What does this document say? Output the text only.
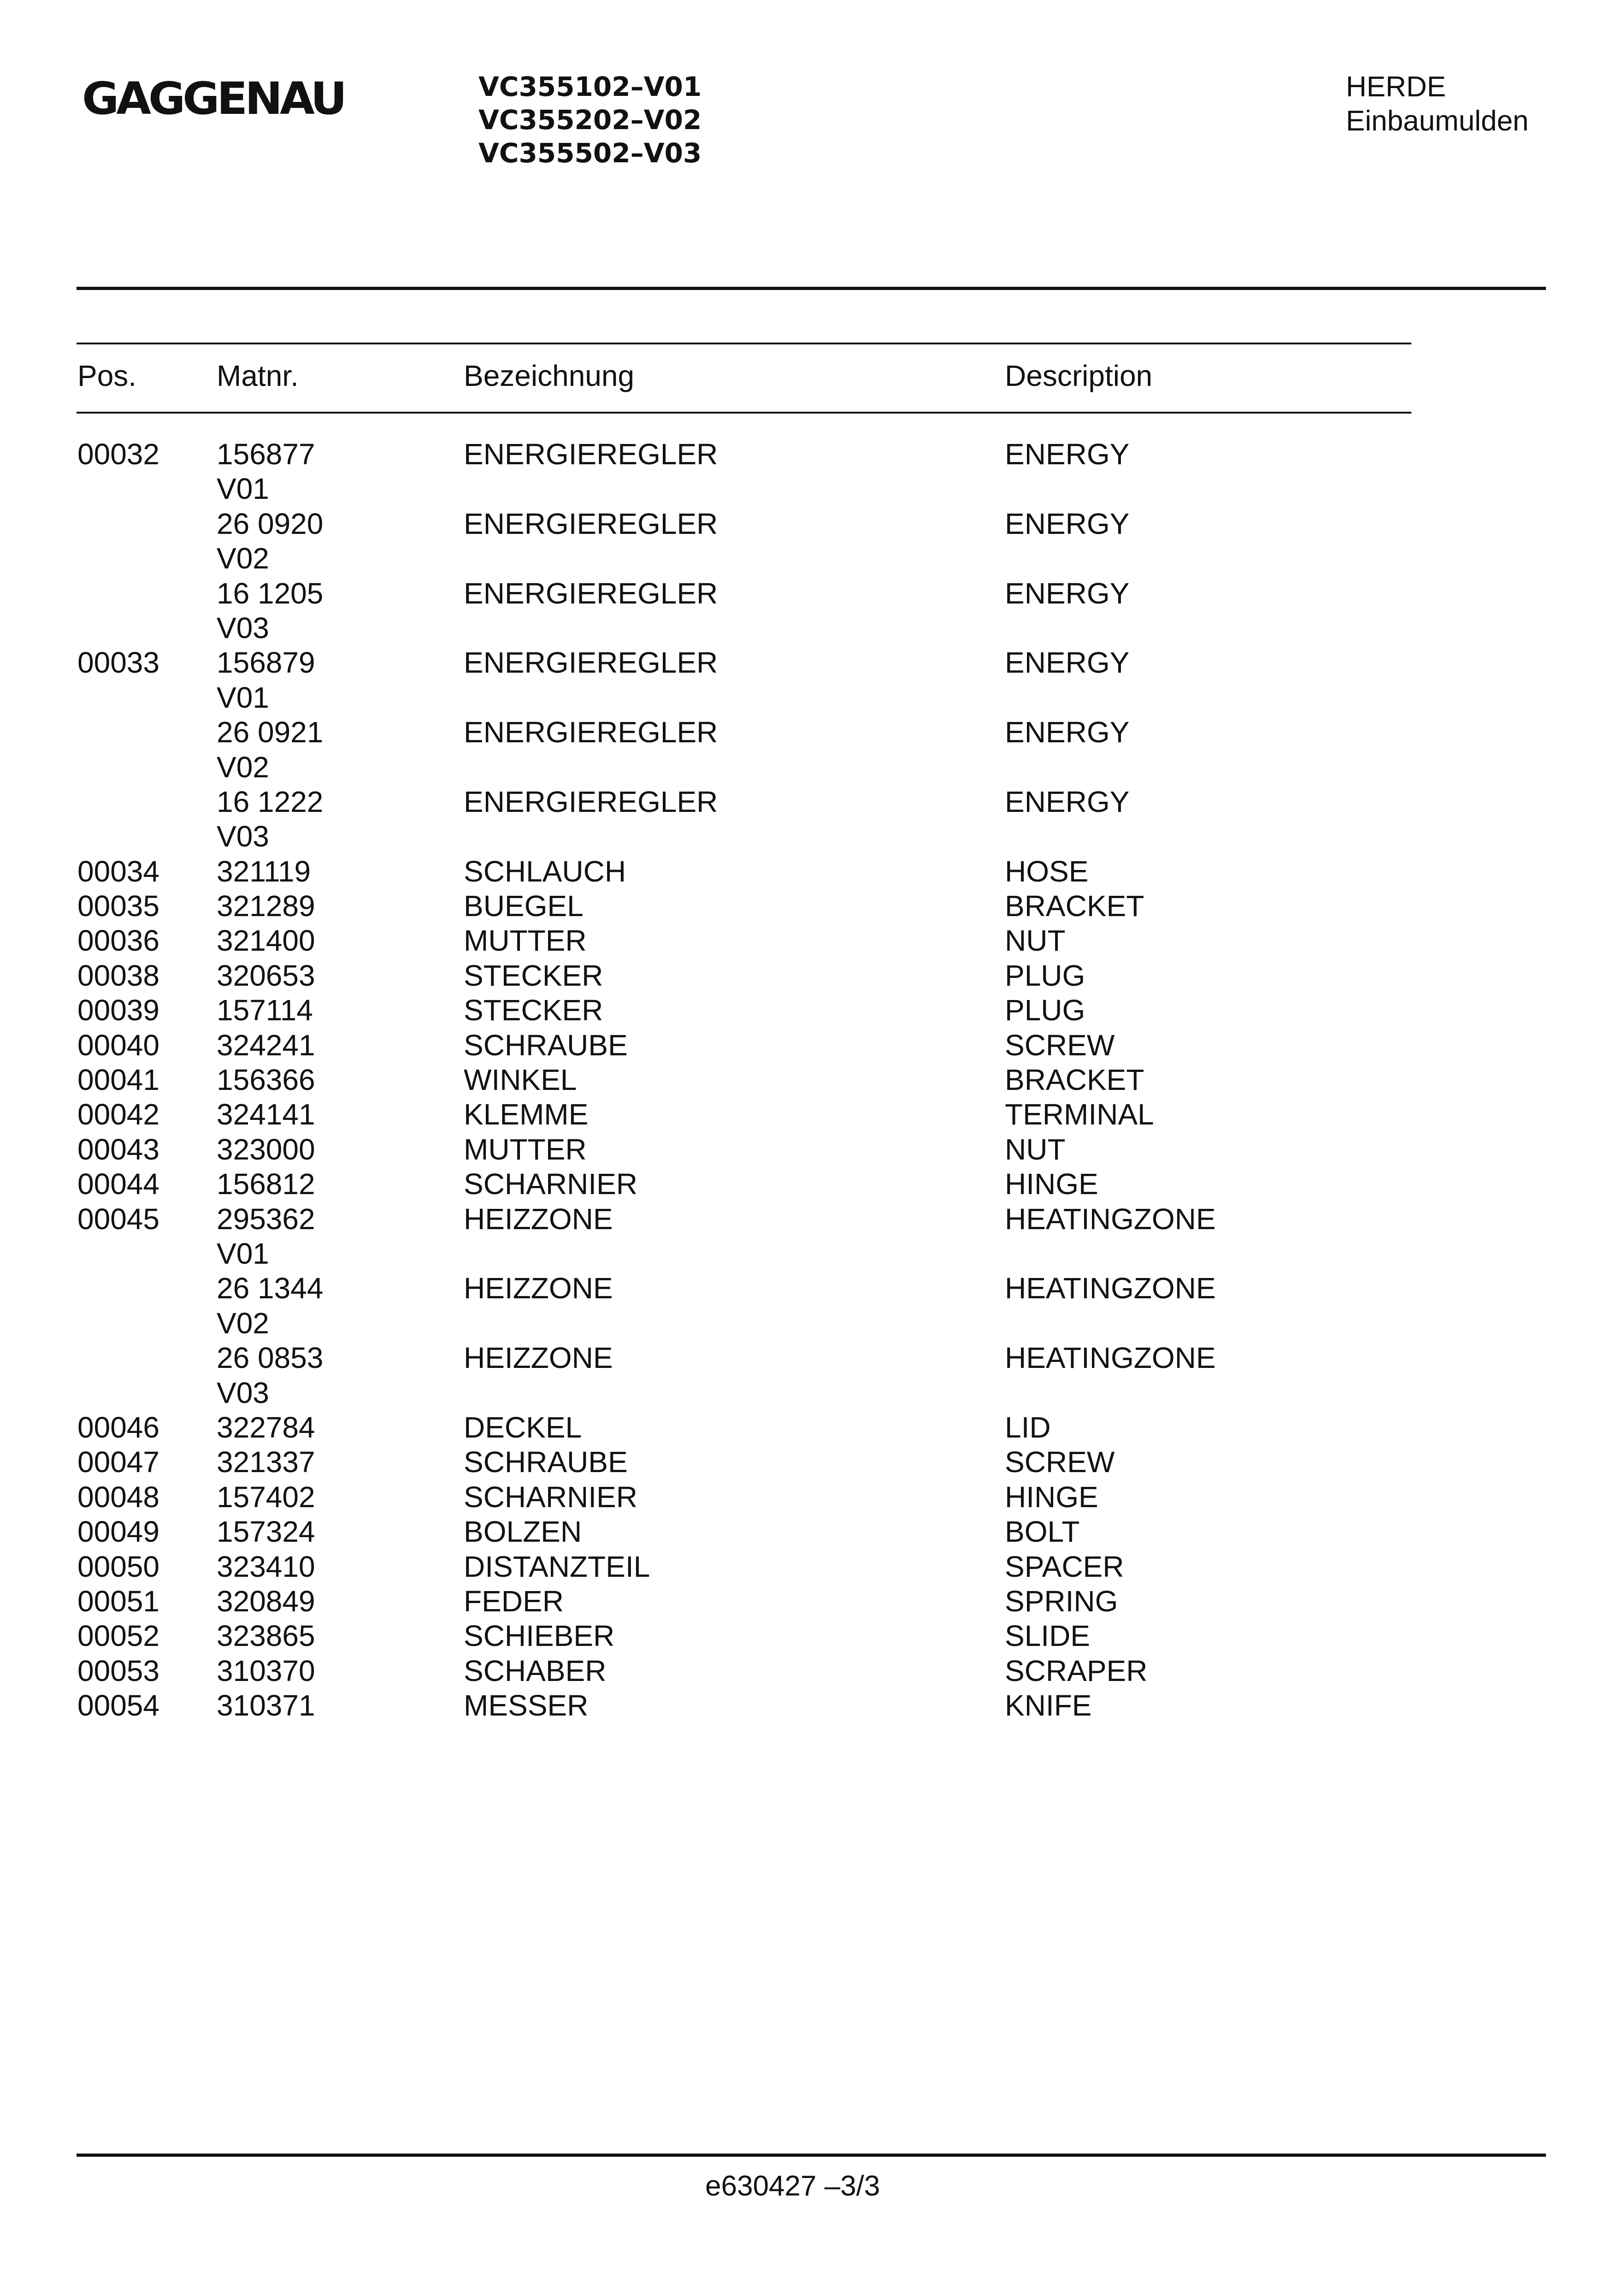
GAGGENAU	VC355102–V01
VC355202–V02
VC355502–V03
HERDE
Einbaumulden
Pos.	Matnr.	Bezeichnung	Description
00032 156877	ENERGIEREGLER	ENERGY
V01
26 0920	ENERGIEREGLER	ENERGY
V02
16 1205	ENERGIEREGLER	ENERGY
V03
00033 156879	ENERGIEREGLER	ENERGY
V01
26 0921	ENERGIEREGLER	ENERGY
V02
16 1222	ENERGIEREGLER	ENERGY
V03
00034 321119	SCHLAUCH	HOSE
00035 321289	BUEGEL	BRACKET
00036 321400	MUTTER	NUT
00038 320653	STECKER	PLUG
00039 157114	STECKER	PLUG
00040 324241	SCHRAUBE	SCREW
00041 156366	WINKEL	BRACKET
00042 324141	KLEMME	TERMINAL
00043 323000	MUTTER	NUT
00044 156812	SCHARNIER	HINGE
00045 295362	HEIZZONE	HEATINGZONE
V01
26 1344	HEIZZONE	HEATINGZONE
V02
26 0853	HEIZZONE	HEATINGZONE
V03
00046 322784	DECKEL	LID
00047 321337	SCHRAUBE	SCREW
00048 157402	SCHARNIER	HINGE
00049 157324	BOLZEN	BOLT
00050 323410	DISTANZTEIL	SPACER
00051 320849	FEDER	SPRING
00052 323865	SCHIEBER	SLIDE
00053 310370	SCHABER	SCRAPER
00054 310371	MESSER	KNIFE
e630427 –3/3
